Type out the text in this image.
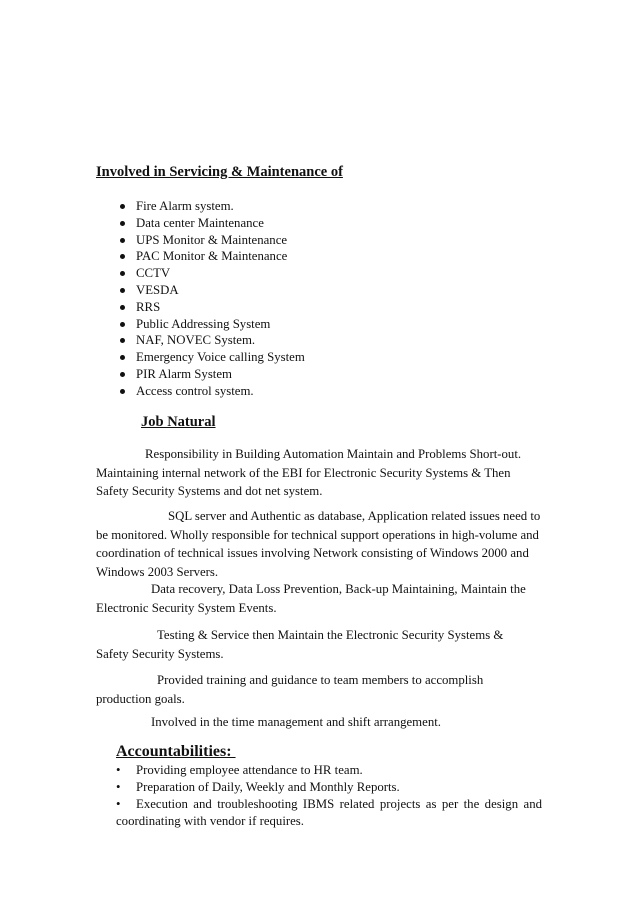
Involved in Servicing & Maintenance of
Fire Alarm system.
Data center Maintenance
UPS Monitor & Maintenance
PAC Monitor & Maintenance
CCTV
VESDA
RRS
Public Addressing System
NAF, NOVEC System.
Emergency Voice calling System
PIR Alarm System
Access control system.
Job Natural

Responsibility in Building Automation Maintain and Problems Short-out.
Maintaining internal network of the EBI for Electronic Security Systems & Then Safety Security Systems and dot net system.

SQL server and Authentic as database, Application related issues need to
be monitored. Wholly responsible for technical support operations in high-volume and coordination of technical issues involving Network consisting of Windows 2000 and Windows 2003 Servers.

Data recovery, Data Loss Prevention, Back-up Maintaining, Maintain the
Electronic Security System Events.

Testing & Service then Maintain the Electronic Security Systems &
Safety Security Systems.

Provided training and guidance to team members to accomplish
production goals.

Involved in the time management and shift arrangement.

Accountabilities:
• Providing employee attendance to HR team.
• Preparation of Daily, Weekly and Monthly Reports.
• Execution and troubleshooting IBMS related projects as per the design and coordinating with vendor if requires.
